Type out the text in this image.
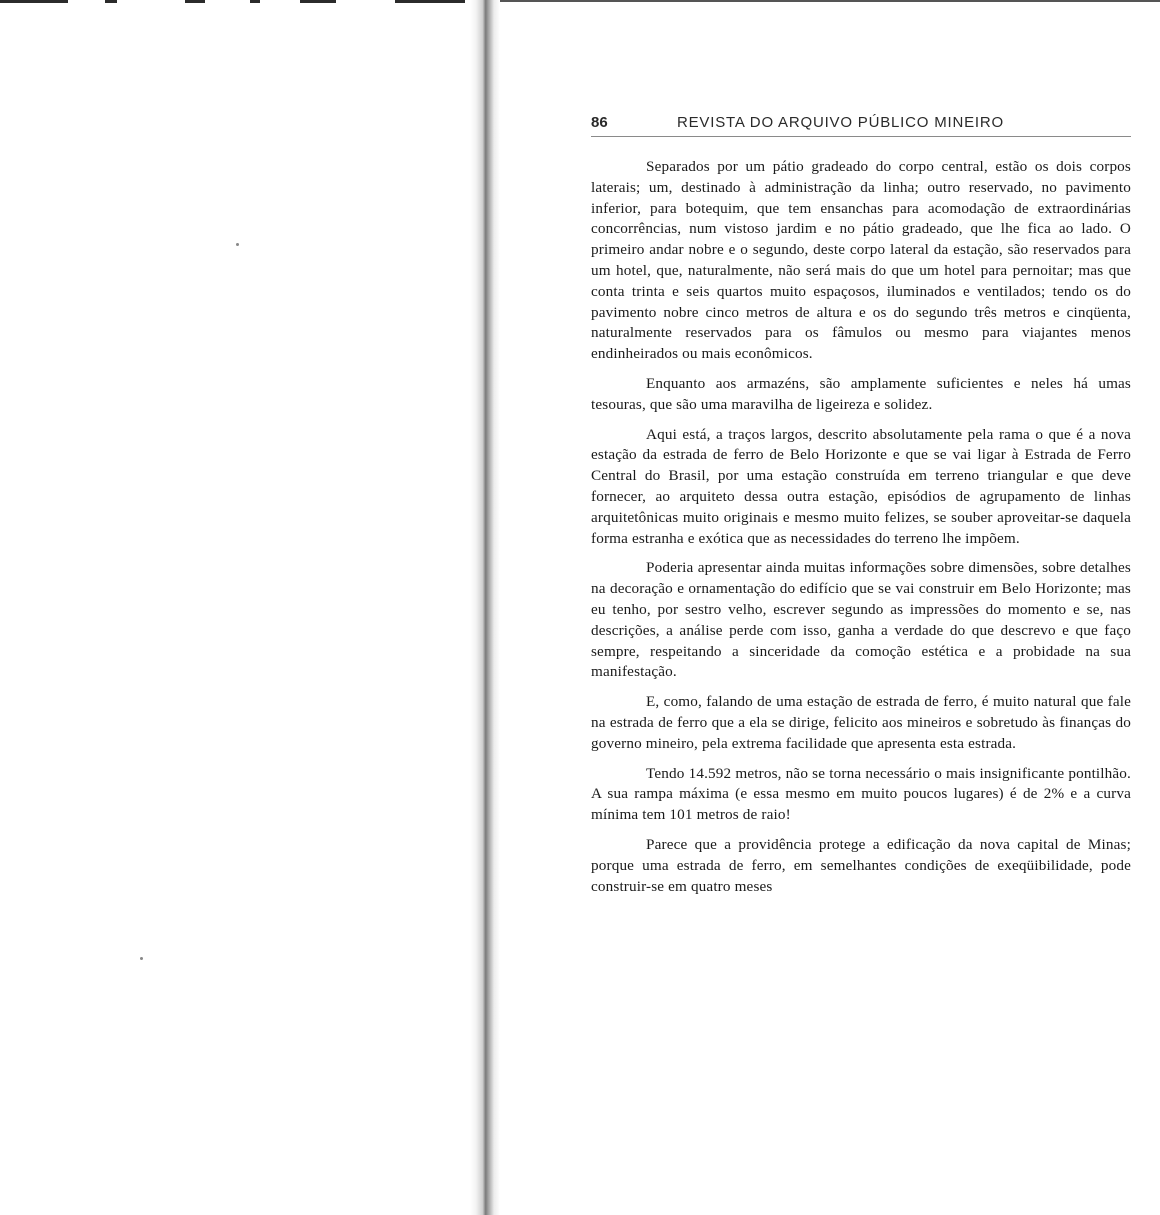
86	REVISTA DO ARQUIVO PÚBLICO MINEIRO

Separados por um pátio gradeado do corpo central, estão os dois corpos laterais; um, destinado à administração da linha; outro reservado, no pavimento inferior, para botequim, que tem ensanchas para acomodação de extraordinárias concorrências, num vistoso jardim e no pátio gradeado, que lhe fica ao lado. O primeiro andar nobre e o segundo, deste corpo lateral da estação, são reservados para um hotel, que, naturalmente, não será mais do que um hotel para pernoitar; mas que conta trinta e seis quartos muito espaçosos, iluminados e ventilados; tendo os do pavimento nobre cinco metros de altura e os do segundo três metros e cinqüenta, naturalmente reservados para os fâmulos ou mesmo para viajantes menos endinheirados ou mais econômicos.

Enquanto aos armazéns, são amplamente suficientes e neles há umas tesouras, que são uma maravilha de ligeireza e solidez.

Aqui está, a traços largos, descrito absolutamente pela rama o que é a nova estação da estrada de ferro de Belo Horizonte e que se vai ligar à Estrada de Ferro Central do Brasil, por uma estação construída em terreno triangular e que deve fornecer, ao arquiteto dessa outra estação, episódios de agrupamento de linhas arquitetônicas muito originais e mesmo muito felizes, se souber aproveitar-se daquela forma estranha e exótica que as necessidades do terreno lhe impõem.

Poderia apresentar ainda muitas informações sobre dimensões, sobre detalhes na decoração e ornamentação do edifício que se vai construir em Belo Horizonte; mas eu tenho, por sestro velho, escrever segundo as impressões do momento e se, nas descrições, a análise perde com isso, ganha a verdade do que descrevo e que faço sempre, respeitando a sinceridade da comoção estética e a probidade na sua manifestação.

E, como, falando de uma estação de estrada de ferro, é muito natural que fale na estrada de ferro que a ela se dirige, felicito aos mineiros e sobretudo às finanças do governo mineiro, pela extrema facilidade que apresenta esta estrada.

Tendo 14.592 metros, não se torna necessário o mais insignificante pontilhão. A sua rampa máxima (e essa mesmo em muito poucos lugares) é de 2% e a curva mínima tem 101 metros de raio!

Parece que a providência protege a edificação da nova capital de Minas; porque uma estrada de ferro, em semelhantes condições de exeqüibilidade, pode construir-se em quatro meses
